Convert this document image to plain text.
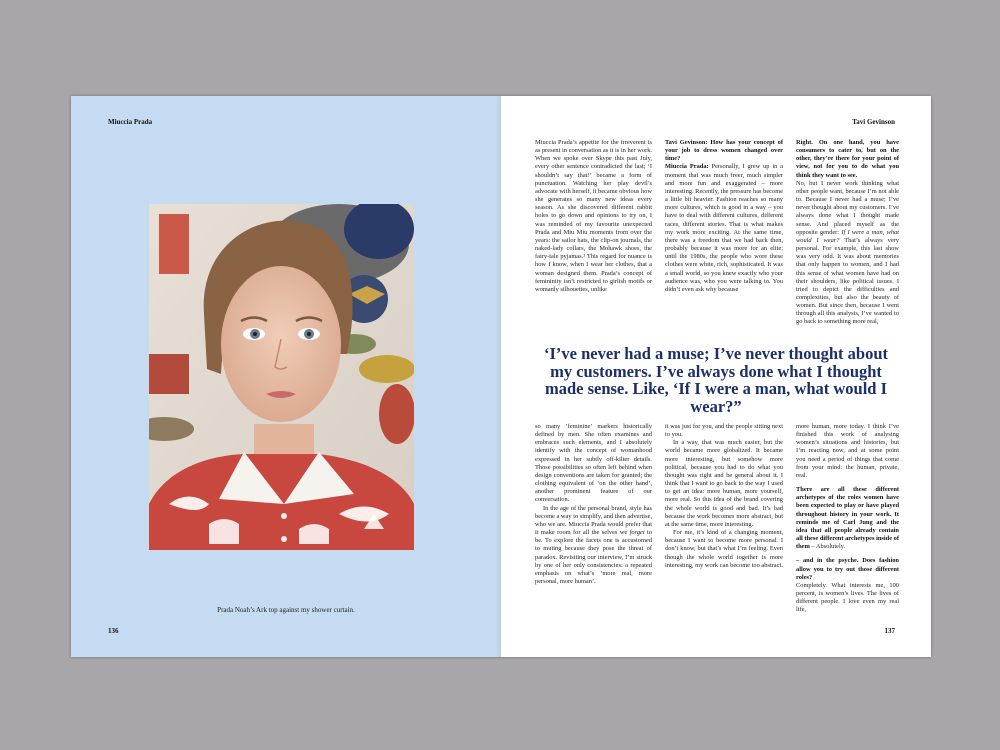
Miuccia Prada
Prada Noah’s Ark top against my shower curtain.
136
Tavi Gevinson

Miuccia Prada’s appetite for the irreverent is as present in conversation as it is in her work. When we spoke over Skype this past July, every other sentence contradicted the last; ‘I shouldn’t say that!’ became a form of punctuation. Watching her play devil’s advocate with herself, it became obvious how she generates so many new ideas every season. As she discovered different rabbit holes to go down and opinions to try on, I was reminded of my favourite unexpected Prada and Miu Miu moments from over the years: the sailor hats, the clip-on journals, the naked-lady collars, the Mohawk shoes, the fairy-tale pyjamas.¹ This regard for nuance is how I know, when I wear her clothes, that a woman designed them. Prada’s concept of femininity isn’t restricted to girlish motifs or womanly silhouettes, unlike

Tavi Gevinson: How has your concept of your job to dress women changed over time?

Miuccia Prada: Personally, I grew up in a moment that was much freer, much simpler and more fun and exaggerated – more interesting. Recently, the pressure has become a little bit heavier. Fashion reaches so many more cultures, which is good in a way – you have to deal with different cultures, different races, different stories. That is what makes my work more exciting. At the same time, there was a freedom that we had back then, probably because it was more for an elite; until the 1980s, the people who wore these clothes were white, rich, sophisticated. It was a small world, so you knew exactly who your audience was, who you were talking to. You didn’t even ask why because

Right. On one hand, you have consumers to cater to, but on the other, they’re there for your point of view, not for you to do what you think they want to see.

No, but I never work thinking what other people want, because I’m not able to. Because I never had a muse; I’ve never thought about my customers. I’ve always done what I thought made sense. And placed myself as the opposite gender: If I were a man, what would I wear? That’s always very personal. For example, this last show was very odd. It was about memories that only happen to women, and I had this sense of what women have had on their shoulders, like political issues. I tried to depict the difficulties and complexities, but also the beauty of women. But since then, because I went through all this analysis, I’ve wanted to go back to something more real,

‘I’ve never had a muse; I’ve never thought about my customers. I’ve always done what I thought made sense. Like, ‘If I were a man, what would I wear?”

so many ‘feminine’ markers historically defined by men. She often examines and embraces such elements, and I absolutely identify with the concept of womanhood expressed in her subtly off-kilter details. Those possibilities so often left behind when design conventions are taken for granted; the clothing equivalent of ‘on the other hand’, another prominent feature of our conversation.

In the age of the personal brand, style has become a way to simplify, and then advertise, who we are. Miuccia Prada would prefer that it make room for all the selves we forget to be. To explore the facets one is accustomed to muting because they pose the threat of paradox. Revisiting our interview, I’m struck by one of her only consistencies: a repeated emphasis on what’s ‘more real, more personal, more human’.

it was just for you, and the people sitting next to you.

In a way, that was much easier, but the world became more globalized. It became more interesting, but somehow more political, because you had to do what you thought was right and be general about it. I think that I want to go back to the way I used to get an idea: more human, more yourself, more real. So this idea of the brand covering the whole world is good and bad. It’s bad because the work becomes more abstract, but at the same time, more interesting.

For me, it’s kind of a changing moment, because I want to become more personal. I don’t know, but that’s what I’m feeling. Even though the whole world together is more interesting, my work can become too abstract.

more human, more today. I think I’ve finished this work of analysing women’s situations and histories, but I’m reacting now, and at some point you need a period of things that come from your mind: the human, private, real.

There are all these different archetypes of the roles women have been expected to play or have played throughout history in your work. It reminds me of Carl Jung and the idea that all people already contain all these different archetypes inside of them – Absolutely.

– and in the psyche. Does fashion allow you to try out those different roles?

Completely. What interests me, 100 percent, is women’s lives. The lives of different people. I love even my real life,

137
